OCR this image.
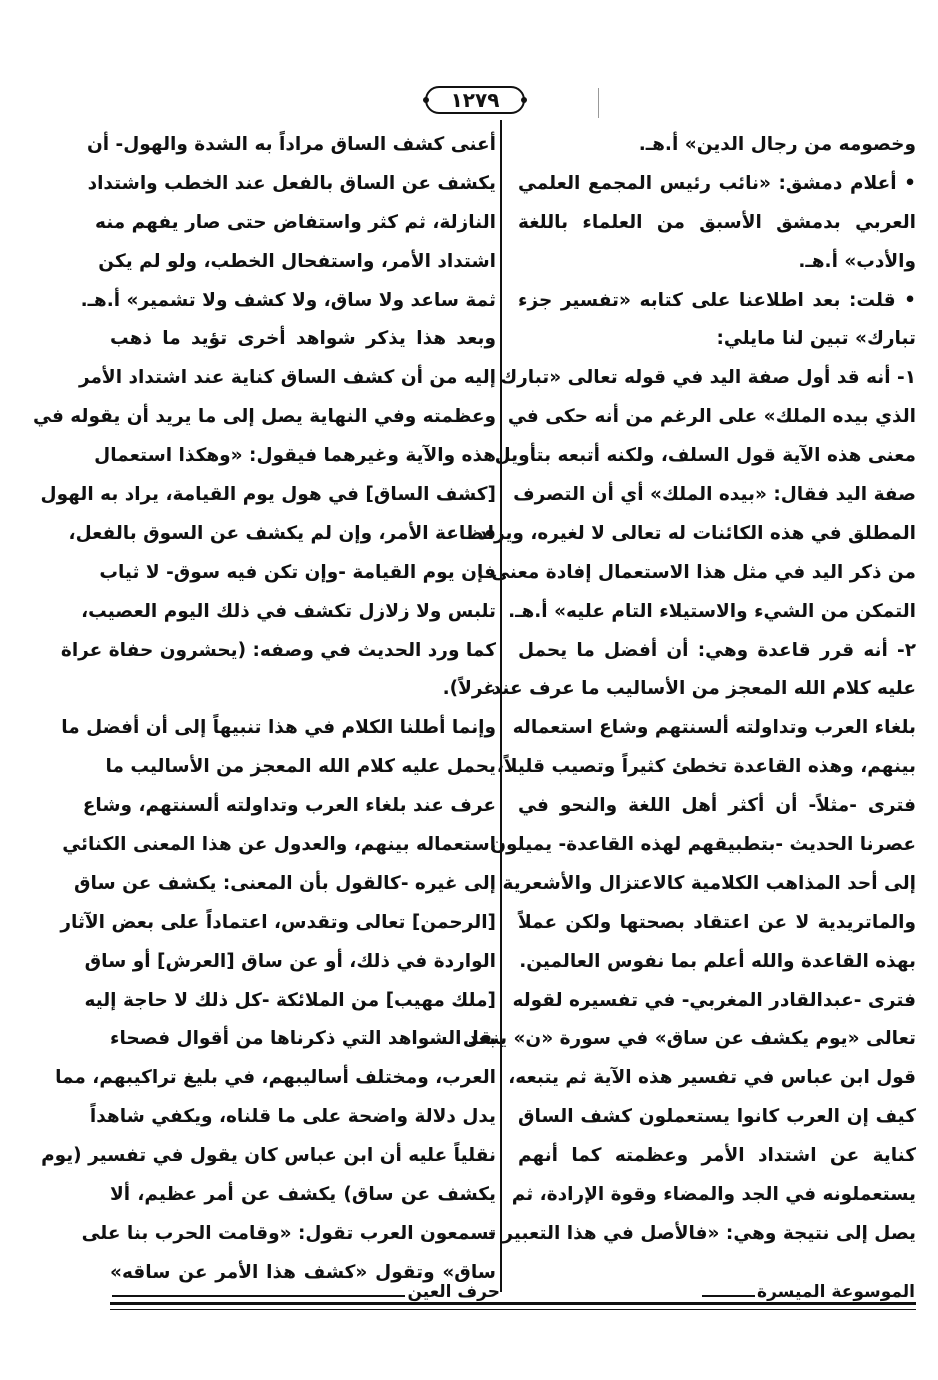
١٢٧٩
وخصومه من رجال الدين» أ.هـ.
• أعلام دمشق: «نائب رئيس المجمع العلمي
العربي بدمشق الأسبق من العلماء باللغة
والأدب» أ.هـ.
• قلت: بعد اطلاعنا على كتابه «تفسير جزء
تبارك» تبين لنا مايلي:
١- أنه قد أول صفة اليد في قوله تعالى «تبارك
الذي بيده الملك» على الرغم من أنه حكى في
معنى هذه الآية قول السلف، ولكنه أتبعه بتأويل
صفة اليد فقال: «بيده الملك» أي أن التصرف
المطلق في هذه الكائنات له تعالى لا لغيره، ويراد
من ذكر اليد في مثل هذا الاستعمال إفادة معنى
التمكن من الشيء والاستيلاء التام عليه» أ.هـ.
٢- أنه قرر قاعدة وهي: أن أفضل ما يحمل
عليه كلام الله المعجز من الأساليب ما عرف عند
بلغاء العرب وتداولته ألسنتهم وشاع استعماله
بينهم، وهذه القاعدة تخطئ كثيراً وتصيب قليلاً،
فترى -مثلاً- أن أكثر أهل اللغة والنحو في
عصرنا الحديث -بتطبيقهم لهذه القاعدة- يميلون
إلى أحد المذاهب الكلامية كالاعتزال والأشعرية
والماتريدية لا عن اعتقاد بصحتها ولكن عملاً
بهذه القاعدة والله أعلم بما نفوس العالمين.
فترى -عبدالقادر المغربي- في تفسيره لقوله
تعالى «يوم يكشف عن ساق» في سورة «ن» ينقل
قول ابن عباس في تفسير هذه الآية ثم يتبعه،
كيف إن العرب كانوا يستعملون كشف الساق
كناية عن اشتداد الأمر وعظمته كما أنهم
يستعملونه في الجد والمضاء وقوة الإرادة، ثم
يصل إلى نتيجة وهي: «فالأصل في هذا التعبير -
أعنى كشف الساق مراداً به الشدة والهول- أن
يكشف عن الساق بالفعل عند الخطب واشتداد
النازلة، ثم كثر واستفاض حتى صار يفهم منه
اشتداد الأمر، واستفحال الخطب، ولو لم يكن
ثمة ساعد ولا ساق، ولا كشف ولا تشمير» أ.هـ.
وبعد هذا يذكر شواهد أخرى تؤيد ما ذهب
إليه من أن كشف الساق كناية عند اشتداد الأمر
وعظمته وفي النهاية يصل إلى ما يريد أن يقوله في
هذه والآية وغيرهما فيقول: «وهكذا استعمال
[كشف الساق] في هول يوم القيامة، يراد به الهول
فظاعة الأمر، وإن لم يكشف عن السوق بالفعل،
فإن يوم القيامة -وإن تكن فيه سوق- لا ثياب
تلبس ولا زلازل تكشف في ذلك اليوم العصيب،
كما ورد الحديث في وصفه: (يحشرون حفاة عراة
غرلاً).
وإنما أطلنا الكلام في هذا تنبيهاً إلى أن أفضل ما
يحمل عليه كلام الله المعجز من الأساليب ما
عرف عند بلغاء العرب وتداولته ألسنتهم، وشاع
استعماله بينهم، والعدول عن هذا المعنى الكنائي
إلى غيره -كالقول بأن المعنى: يكشف عن ساق
[الرحمن] تعالى وتقدس، اعتماداً على بعض الآثار
الواردة في ذلك، أو عن ساق [العرش] أو ساق
[ملك مهيب] من الملائكة -كل ذلك لا حاجة إليه
بعد الشواهد التي ذكرناها من أقوال فصحاء
العرب، ومختلف أساليبهم، في بليغ تراكيبهم، مما
يدل دلالة واضحة على ما قلناه، ويكفي شاهداً
نقلياً عليه أن ابن عباس كان يقول في تفسير (يوم
يكشف عن ساق) يكشف عن أمر عظيم، ألا
تسمعون العرب تقول: «وقامت الحرب بنا على
ساق» وتقول «كشف هذا الأمر عن ساقه»
الموسوعة الميسرة
حرف العين
